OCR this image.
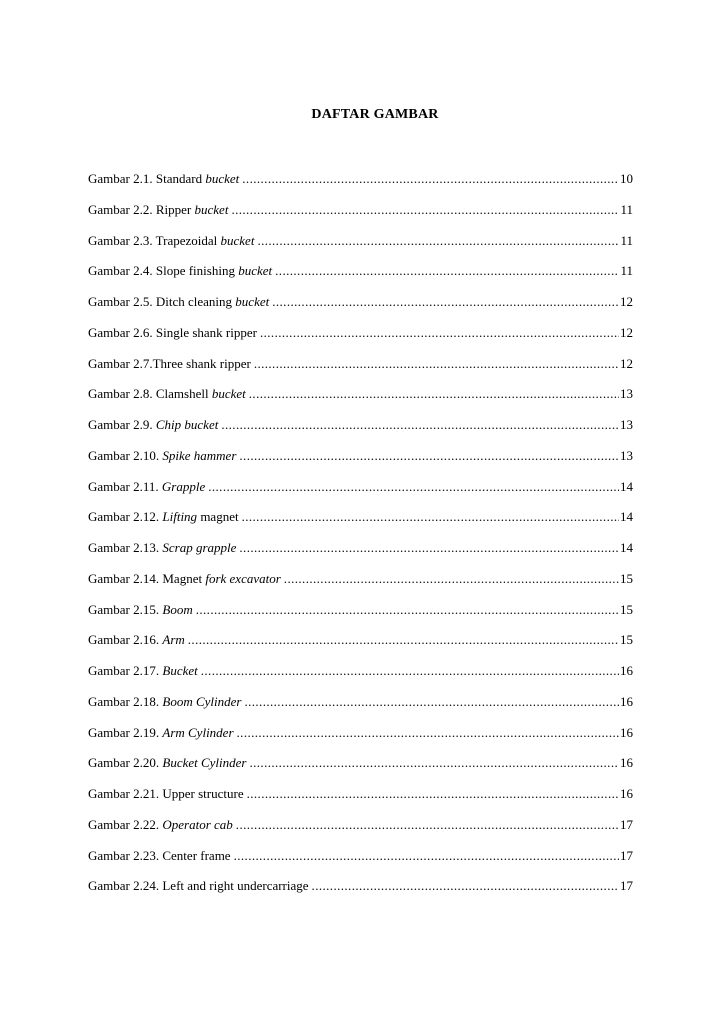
DAFTAR GAMBAR
Gambar 2.1. Standard bucket .....	10
Gambar 2.2. Ripper bucket .....	11
Gambar 2.3. Trapezoidal bucket .....	11
Gambar 2.4. Slope finishing bucket .....	11
Gambar 2.5. Ditch cleaning bucket .....	12
Gambar 2.6. Single shank ripper .....	12
Gambar 2.7.Three shank ripper .....	12
Gambar 2.8. Clamshell bucket .....	13
Gambar 2.9. Chip bucket .....	13
Gambar 2.10. Spike hammer .....	13
Gambar 2.11. Grapple .....	14
Gambar 2.12. Lifting magnet .....	14
Gambar 2.13. Scrap grapple .....	14
Gambar 2.14. Magnet fork excavator .....	15
Gambar 2.15. Boom .....	15
Gambar 2.16. Arm .....	15
Gambar 2.17. Bucket .....	16
Gambar 2.18. Boom Cylinder .....	16
Gambar 2.19. Arm Cylinder .....	16
Gambar 2.20. Bucket Cylinder .....	16
Gambar 2.21. Upper structure .....	16
Gambar 2.22. Operator cab .....	17
Gambar 2.23. Center frame .....	17
Gambar 2.24. Left and right undercarriage .....	17
